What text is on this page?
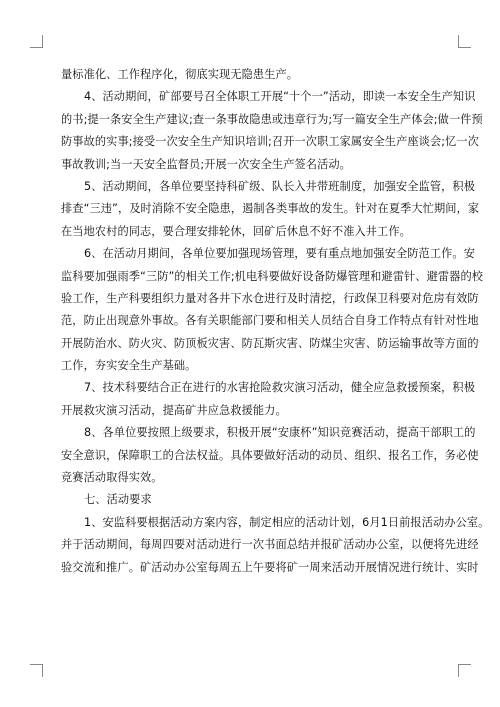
量标准化、工作程序化，彻底实现无隐患生产。
4、活动期间，矿部要号召全体职工开展“十个一”活动，即读一本安全生产知识
的书;提一条安全生产建议;查一条事故隐患或违章行为;写一篇安全生产体会;做一件预
防事故的实事;接受一次安全生产知识培训;召开一次职工家属安全生产座谈会;忆一次
事故教训;当一天安全监督员;开展一次安全生产签名活动。
5、活动期间，各单位要坚持科矿级、队长入井带班制度，加强安全监管，积极
排查“三违”，及时消除不安全隐患，遏制各类事故的发生。针对在夏季大忙期间，家
在当地农村的同志，要合理安排轮休，回矿后休息不好不准入井工作。
6、在活动月期间，各单位要加强现场管理，要有重点地加强安全防范工作。安
监科要加强雨季“三防”的相关工作;机电科要做好设备防爆管理和避雷针、避雷器的校
验工作，生产科要组织力量对各井下水仓进行及时清挖，行政保卫科要对危房有效防
范，防止出现意外事故。各有关职能部门要和相关人员结合自身工作特点有针对性地
开展防治水、防火灾、防顶板灾害、防瓦斯灾害、防煤尘灾害、防运输事故等方面的
工作，夯实安全生产基础。
7、技术科要结合正在进行的水害抢险救灾演习活动，健全应急救援预案，积极
开展救灾演习活动，提高矿井应急救援能力。
8、各单位要按照上级要求，积极开展“安康杯”知识竞赛活动，提高干部职工的
安全意识，保障职工的合法权益。具体要做好活动的动员、组织、报名工作，务必使
竞赛活动取得实效。
七、活动要求
1、安监科要根据活动方案内容，制定相应的活动计划，6月1日前报活动办公室。
并于活动期间，每周四要对活动进行一次书面总结并报矿活动办公室，以便将先进经
验交流和推广。矿活动办公室每周五上午要将矿一周来活动开展情况进行统计、实时
